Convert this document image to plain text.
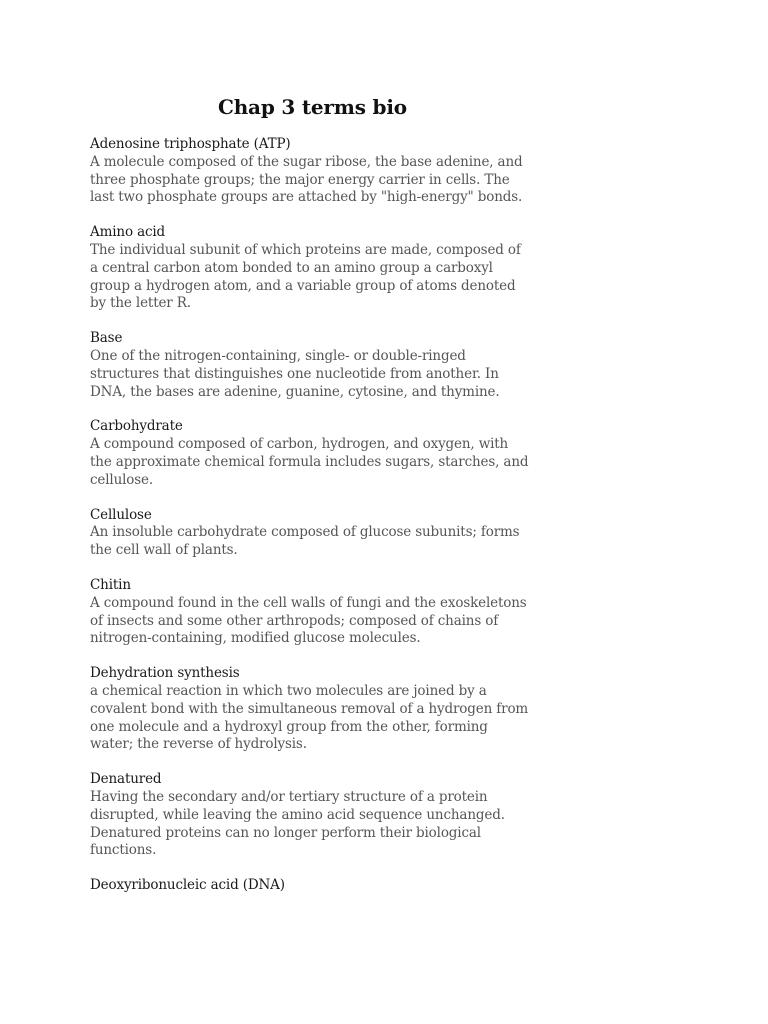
Chap 3 terms bio
Adenosine triphosphate (ATP)
A molecule composed of the sugar ribose, the base adenine, and
three phosphate groups; the major energy carrier in cells. The
last two phosphate groups are attached by "high-energy" bonds.
Amino acid
The individual subunit of which proteins are made, composed of
a central carbon atom bonded to an amino group a carboxyl
group a hydrogen atom, and a variable group of atoms denoted
by the letter R.
Base
One of the nitrogen-containing, single- or double-ringed
structures that distinguishes one nucleotide from another. In
DNA, the bases are adenine, guanine, cytosine, and thymine.
Carbohydrate
A compound composed of carbon, hydrogen, and oxygen, with
the approximate chemical formula includes sugars, starches, and
cellulose.
Cellulose
An insoluble carbohydrate composed of glucose subunits; forms
the cell wall of plants.
Chitin
A compound found in the cell walls of fungi and the exoskeletons
of insects and some other arthropods; composed of chains of
nitrogen-containing, modified glucose molecules.
Dehydration synthesis
a chemical reaction in which two molecules are joined by a
covalent bond with the simultaneous removal of a hydrogen from
one molecule and a hydroxyl group from the other, forming
water; the reverse of hydrolysis.
Denatured
Having the secondary and/or tertiary structure of a protein
disrupted, while leaving the amino acid sequence unchanged.
Denatured proteins can no longer perform their biological
functions.
Deoxyribonucleic acid (DNA)
